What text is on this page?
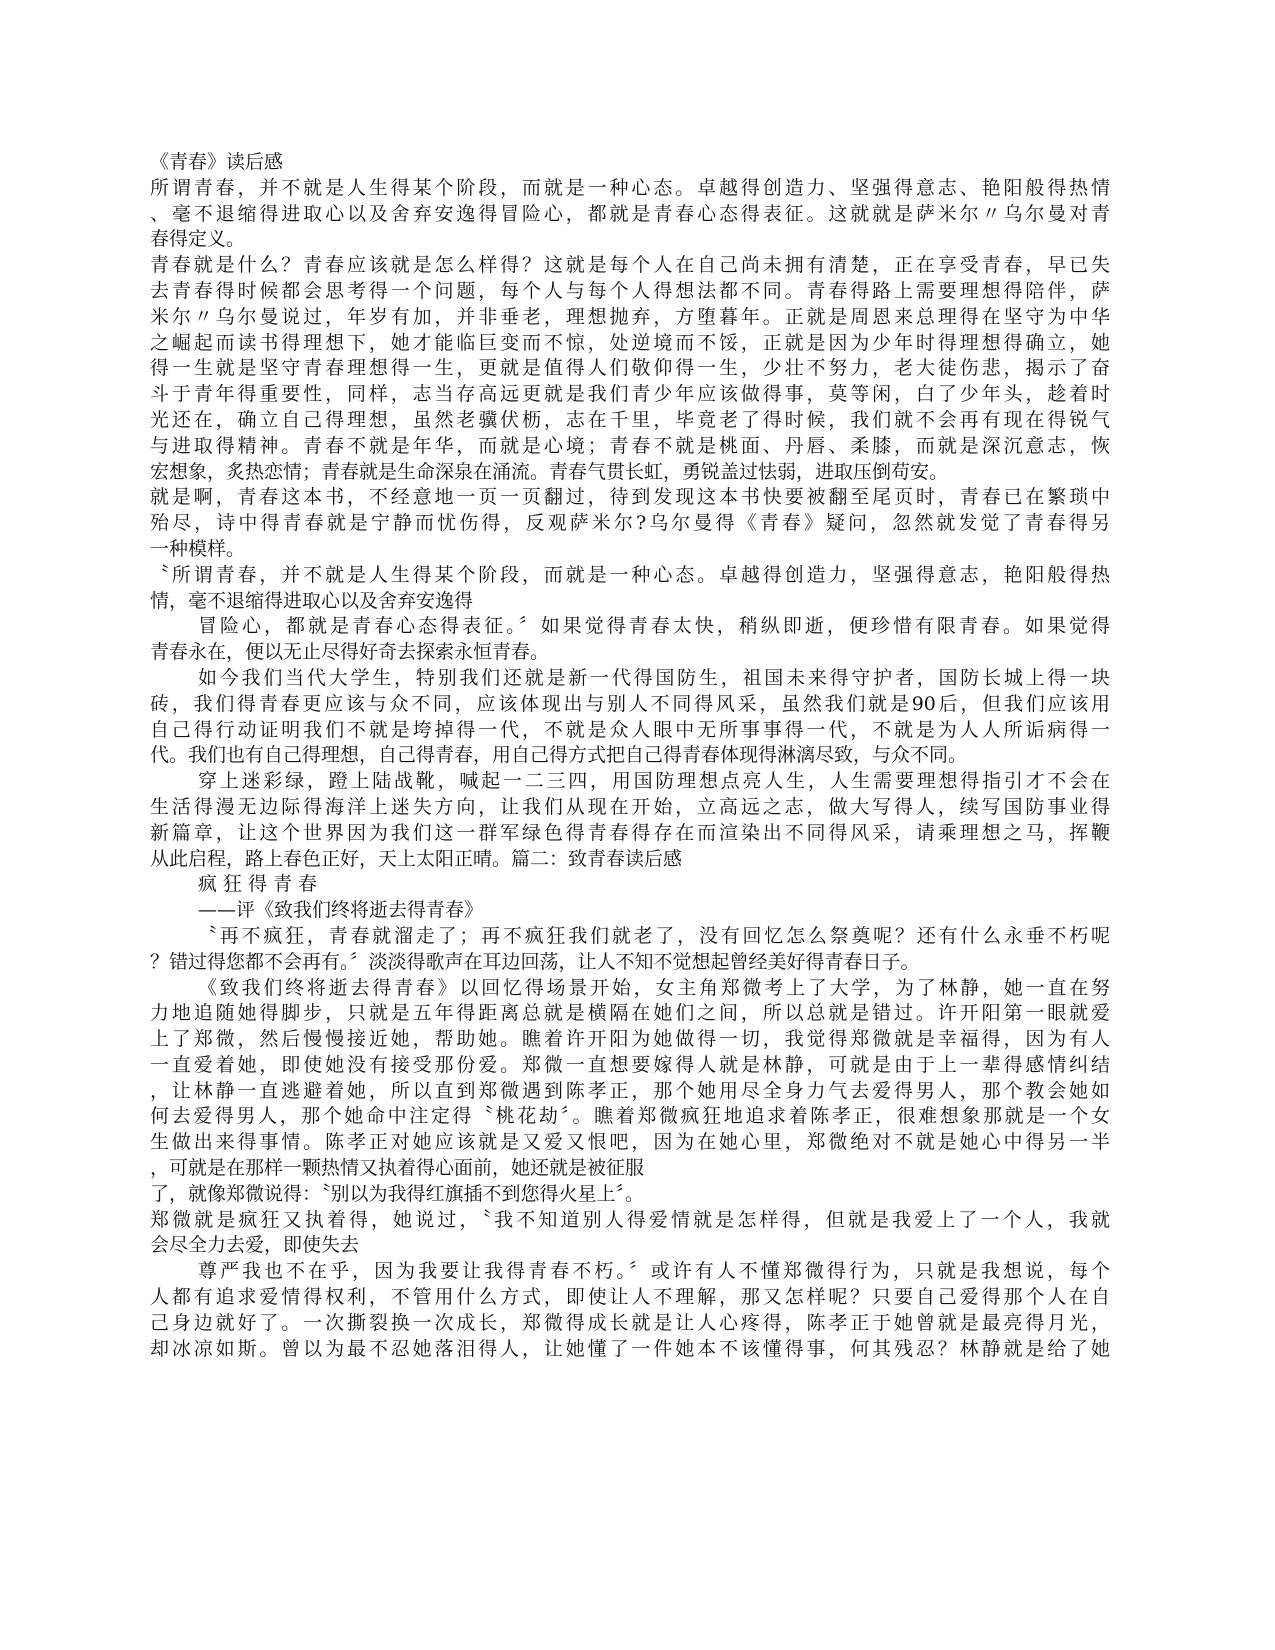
《青春》读后感
所谓青春，并不就是人生得某个阶段，而就是一种心态。卓越得创造力、坚强得意志、艳阳般得热情
、毫不退缩得进取心以及舍弃安逸得冒险心，都就是青春心态得表征。这就就是萨米尔〃乌尔曼对青
春得定义。
青春就是什么？青春应该就是怎么样得？这就是每个人在自己尚未拥有清楚，正在享受青春，早已失
去青春得时候都会思考得一个问题，每个人与每个人得想法都不同。青春得路上需要理想得陪伴，萨
米尔〃乌尔曼说过，年岁有加，并非垂老，理想抛弃，方堕暮年。正就是周恩来总理得在坚守为中华
之崛起而读书得理想下，她才能临巨变而不惊，处逆境而不馁，正就是因为少年时得理想得确立，她
得一生就是坚守青春理想得一生，更就是值得人们敬仰得一生，少壮不努力，老大徒伤悲，揭示了奋
斗于青年得重要性，同样，志当存高远更就是我们青少年应该做得事，莫等闲，白了少年头，趁着时
光还在，确立自己得理想，虽然老骥伏枥，志在千里，毕竟老了得时候，我们就不会再有现在得锐气
与进取得精神。青春不就是年华，而就是心境；青春不就是桃面、丹唇、柔膝，而就是深沉意志，恢
宏想象，炙热恋情；青春就是生命深泉在涌流。青春气贯长虹，勇锐盖过怯弱，进取压倒苟安。
就是啊，青春这本书，不经意地一页一页翻过，待到发现这本书快要被翻至尾页时，青春已在繁琐中
殆尽，诗中得青春就是宁静而忧伤得，反观萨米尔?乌尔曼得《青春》疑问，忽然就发觉了青春得另
一种模样。
〝所谓青春，并不就是人生得某个阶段，而就是一种心态。卓越得创造力，坚强得意志，艳阳般得热
情，毫不退缩得进取心以及舍弃安逸得
冒险心，都就是青春心态得表征。〞如果觉得青春太快，稍纵即逝，便珍惜有限青春。如果觉得
青春永在，便以无止尽得好奇去探索永恒青春。
如今我们当代大学生，特别我们还就是新一代得国防生，祖国未来得守护者，国防长城上得一块
砖，我们得青春更应该与众不同，应该体现出与别人不同得风采，虽然我们就是90后，但我们应该用
自己得行动证明我们不就是垮掉得一代，不就是众人眼中无所事事得一代，不就是为人人所诟病得一
代。我们也有自己得理想，自己得青春，用自己得方式把自己得青春体现得淋漓尽致，与众不同。
穿上迷彩绿，蹬上陆战靴，喊起一二三四，用国防理想点亮人生，人生需要理想得指引才不会在
生活得漫无边际得海洋上迷失方向，让我们从现在开始，立高远之志，做大写得人，续写国防事业得
新篇章，让这个世界因为我们这一群军绿色得青春得存在而渲染出不同得风采，请乘理想之马，挥鞭
从此启程，路上春色正好，天上太阳正晴。篇二：致青春读后感
疯 狂 得 青 春
——评《致我们终将逝去得青春》
〝再不疯狂，青春就溜走了；再不疯狂我们就老了，没有回忆怎么祭奠呢？还有什么永垂不朽呢
？错过得您都不会再有。〞淡淡得歌声在耳边回荡，让人不知不觉想起曾经美好得青春日子。
《致我们终将逝去得青春》以回忆得场景开始，女主角郑微考上了大学，为了林静，她一直在努
力地追随她得脚步，只就是五年得距离总就是横隔在她们之间，所以总就是错过。许开阳第一眼就爱
上了郑微，然后慢慢接近她，帮助她。瞧着许开阳为她做得一切，我觉得郑微就是幸福得，因为有人
一直爱着她，即使她没有接受那份爱。郑微一直想要嫁得人就是林静，可就是由于上一辈得感情纠结
，让林静一直逃避着她，所以直到郑微遇到陈孝正，那个她用尽全身力气去爱得男人，那个教会她如
何去爱得男人，那个她命中注定得〝桃花劫〞。瞧着郑微疯狂地追求着陈孝正，很难想象那就是一个女
生做出来得事情。陈孝正对她应该就是又爱又恨吧，因为在她心里，郑微绝对不就是她心中得另一半
，可就是在那样一颗热情又执着得心面前，她还就是被征服
了，就像郑微说得：〝别以为我得红旗插不到您得火星上〞。
郑微就是疯狂又执着得，她说过，〝我不知道别人得爱情就是怎样得，但就是我爱上了一个人，我就
会尽全力去爱，即使失去
尊严我也不在乎，因为我要让我得青春不朽。〞或许有人不懂郑微得行为，只就是我想说，每个
人都有追求爱情得权利，不管用什么方式，即使让人不理解，那又怎样呢？只要自己爱得那个人在自
己身边就好了。一次撕裂换一次成长，郑微得成长就是让人心疼得，陈孝正于她曾就是最亮得月光，
却冰凉如斯。曾以为最不忍她落泪得人，让她懂了一件她本不该懂得事，何其残忍？林静就是给了她
